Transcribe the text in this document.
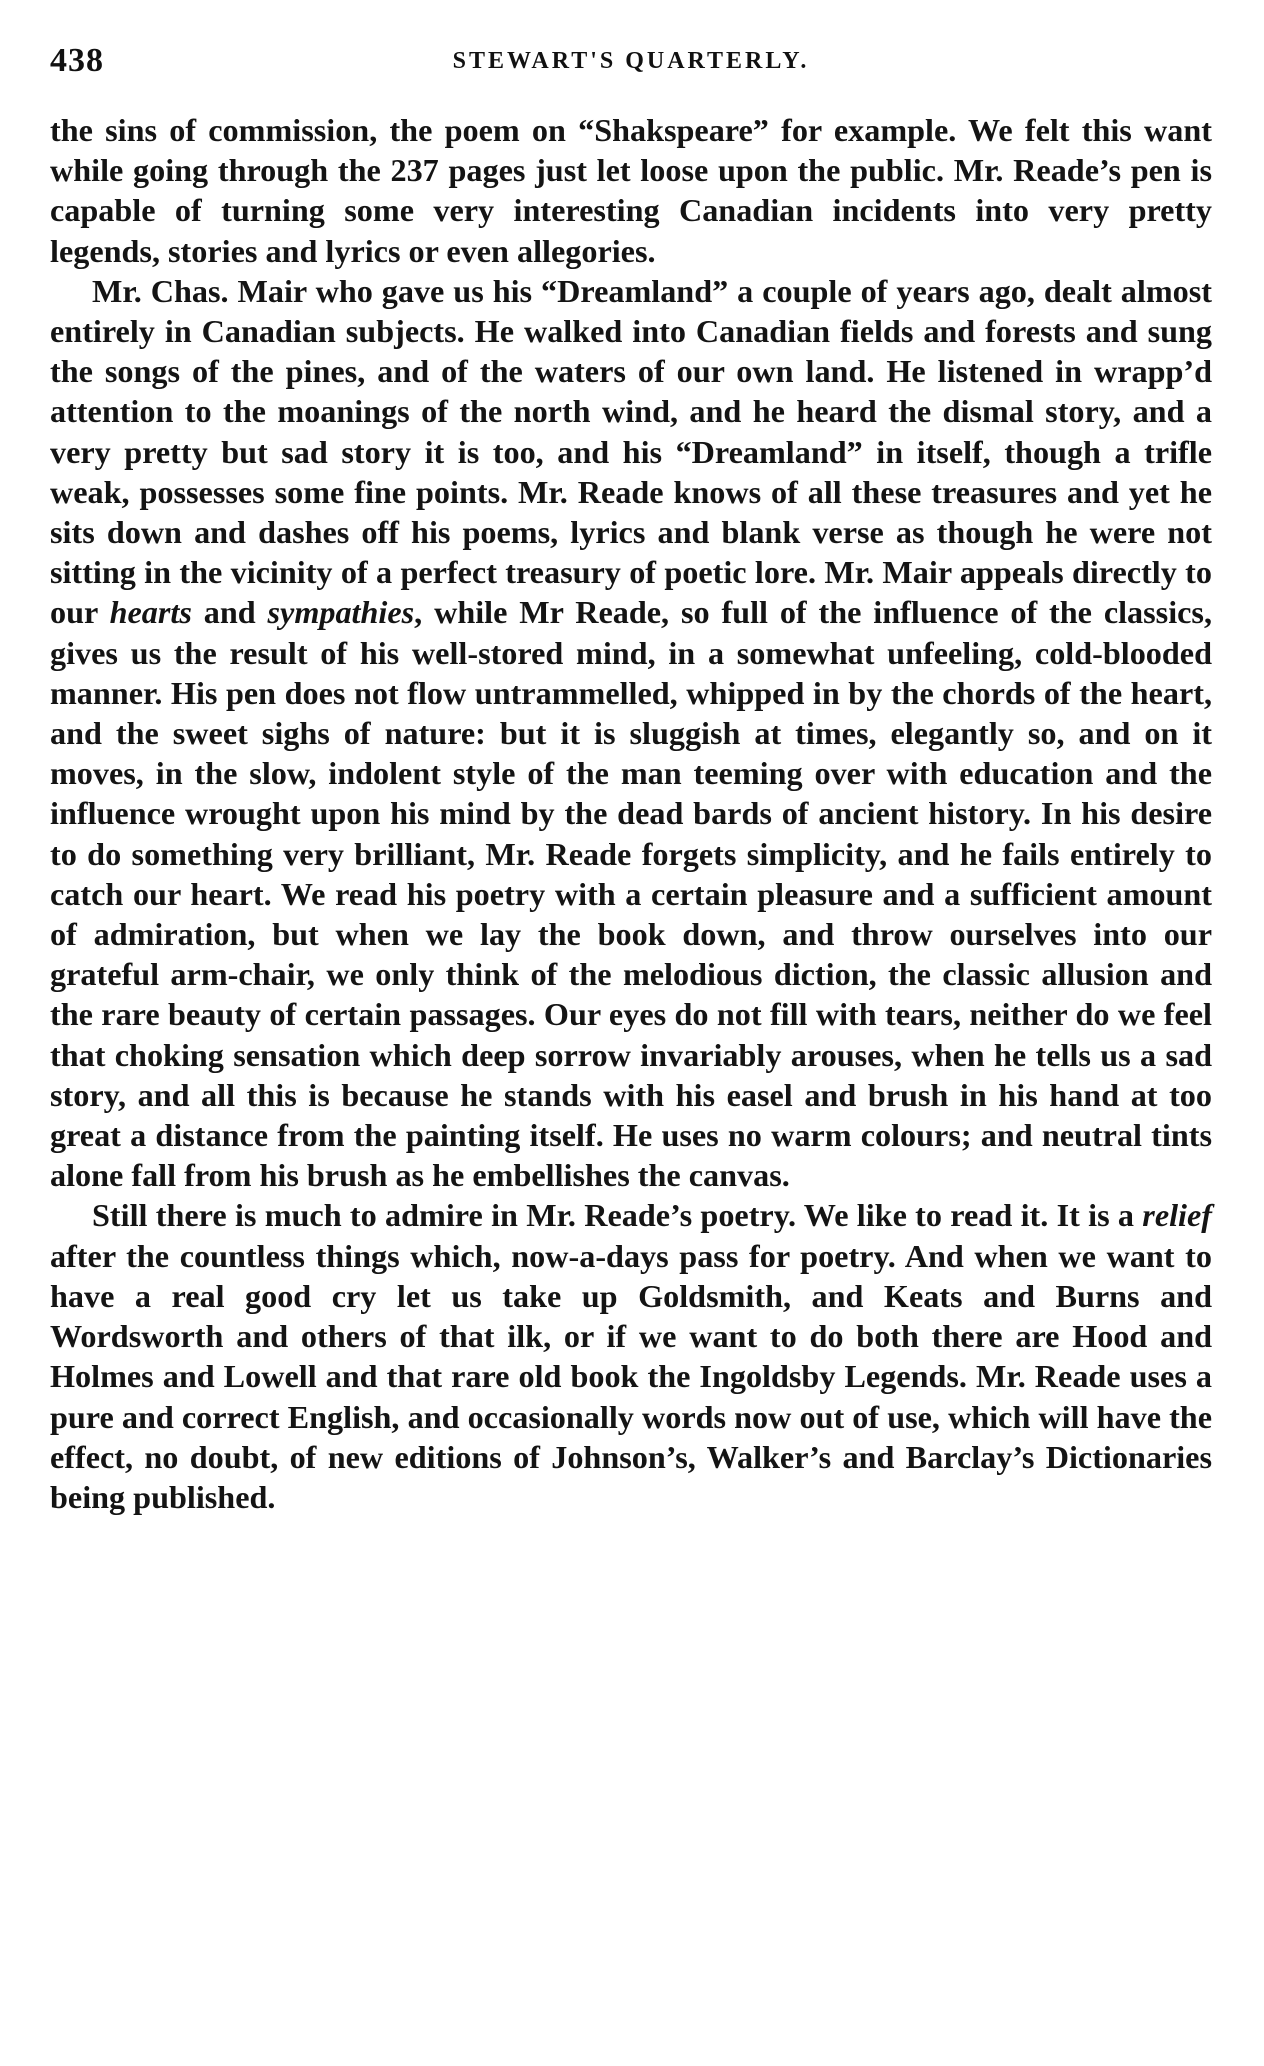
438	STEWART'S QUARTERLY.

the sins of commission, the poem on “Shakspeare” for example. We felt this want while going through the 237 pages just let loose upon the public. Mr. Reade’s pen is capable of turning some very interesting Canadian incidents into very pretty legends, stories and lyrics or even allegories.

Mr. Chas. Mair who gave us his “Dreamland” a couple of years ago, dealt almost entirely in Canadian subjects. He walked into Canadian fields and forests and sung the songs of the pines, and of the waters of our own land. He listened in wrapp’d attention to the moanings of the north wind, and he heard the dismal story, and a very pretty but sad story it is too, and his “Dreamland” in itself, though a trifle weak, possesses some fine points. Mr. Reade knows of all these treasures and yet he sits down and dashes off his poems, lyrics and blank verse as though he were not sitting in the vicinity of a perfect treasury of poetic lore. Mr. Mair appeals directly to our hearts and sympathies, while Mr Reade, so full of the influence of the classics, gives us the result of his well-stored mind, in a somewhat unfeeling, cold-blooded manner. His pen does not flow untrammelled, whipped in by the chords of the heart, and the sweet sighs of nature: but it is sluggish at times, elegantly so, and on it moves, in the slow, indolent style of the man teeming over with education and the influence wrought upon his mind by the dead bards of ancient history. In his desire to do something very brilliant, Mr. Reade forgets simplicity, and he fails entirely to catch our heart. We read his poetry with a certain pleasure and a sufficient amount of admiration, but when we lay the book down, and throw ourselves into our grateful arm-chair, we only think of the melodious diction, the classic allusion and the rare beauty of certain passages. Our eyes do not fill with tears, neither do we feel that choking sensation which deep sorrow invariably arouses, when he tells us a sad story, and all this is because he stands with his easel and brush in his hand at too great a distance from the painting itself. He uses no warm colours; and neutral tints alone fall from his brush as he embellishes the canvas.

Still there is much to admire in Mr. Reade’s poetry. We like to read it. It is a relief after the countless things which, now-a-days pass for poetry. And when we want to have a real good cry let us take up Goldsmith, and Keats and Burns and Wordsworth and others of that ilk, or if we want to do both there are Hood and Holmes and Lowell and that rare old book the Ingoldsby Legends. Mr. Reade uses a pure and correct English, and occasionally words now out of use, which will have the effect, no doubt, of new editions of Johnson’s, Walker’s and Barclay’s Dictionaries being published.
